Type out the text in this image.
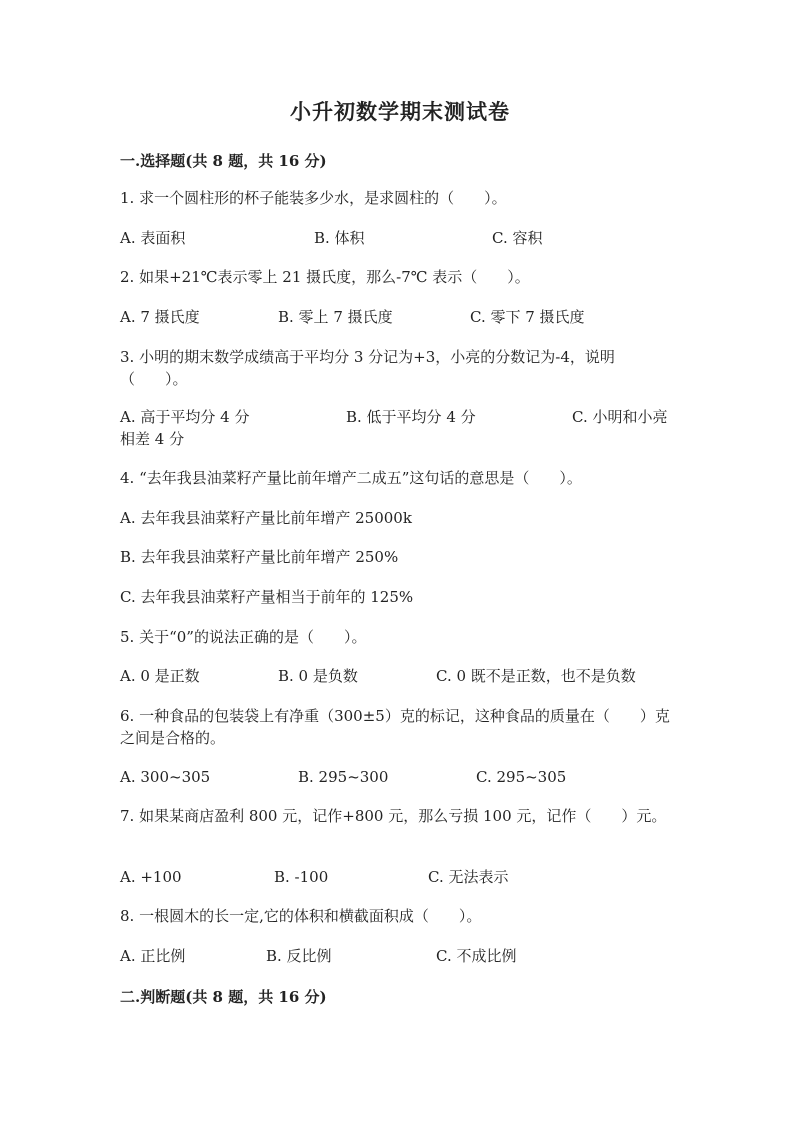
小升初数学期末测试卷
一.选择题(共 8 题，共 16 分)
1. 求一个圆柱形的杯子能装多少水，是求圆柱的（　　）。
A. 表面积	B. 体积	C. 容积
2. 如果+21℃表示零上 21 摄氏度，那么-7℃ 表示（　　）。
A. 7 摄氏度	B. 零上 7 摄氏度	C. 零下 7 摄氏度
3. 小明的期末数学成绩高于平均分 3 分记为+3，小亮的分数记为-4，说明（　　）。
A. 高于平均分 4 分	B. 低于平均分 4 分	C. 小明和小亮
相差 4 分
4. “去年我县油菜籽产量比前年增产二成五”这句话的意思是（　　）。
A. 去年我县油菜籽产量比前年增产 25000k
B. 去年我县油菜籽产量比前年增产 250%
C. 去年我县油菜籽产量相当于前年的 125%
5. 关于“0”的说法正确的是（　　）。
A. 0 是正数	B. 0 是负数	C. 0 既不是正数，也不是负数
6. 一种食品的包装袋上有净重（300±5）克的标记，这种食品的质量在（　　）克之间是合格的。
A. 300~305	B. 295~300	C. 295~305
7. 如果某商店盈利 800 元，记作+800 元，那么亏损 100 元，记作（　　）元。
A. +100	B. -100	C. 无法表示
8. 一根圆木的长一定,它的体积和横截面积成（　　）。
A. 正比例	B. 反比例	C. 不成比例
二.判断题(共 8 题，共 16 分)
